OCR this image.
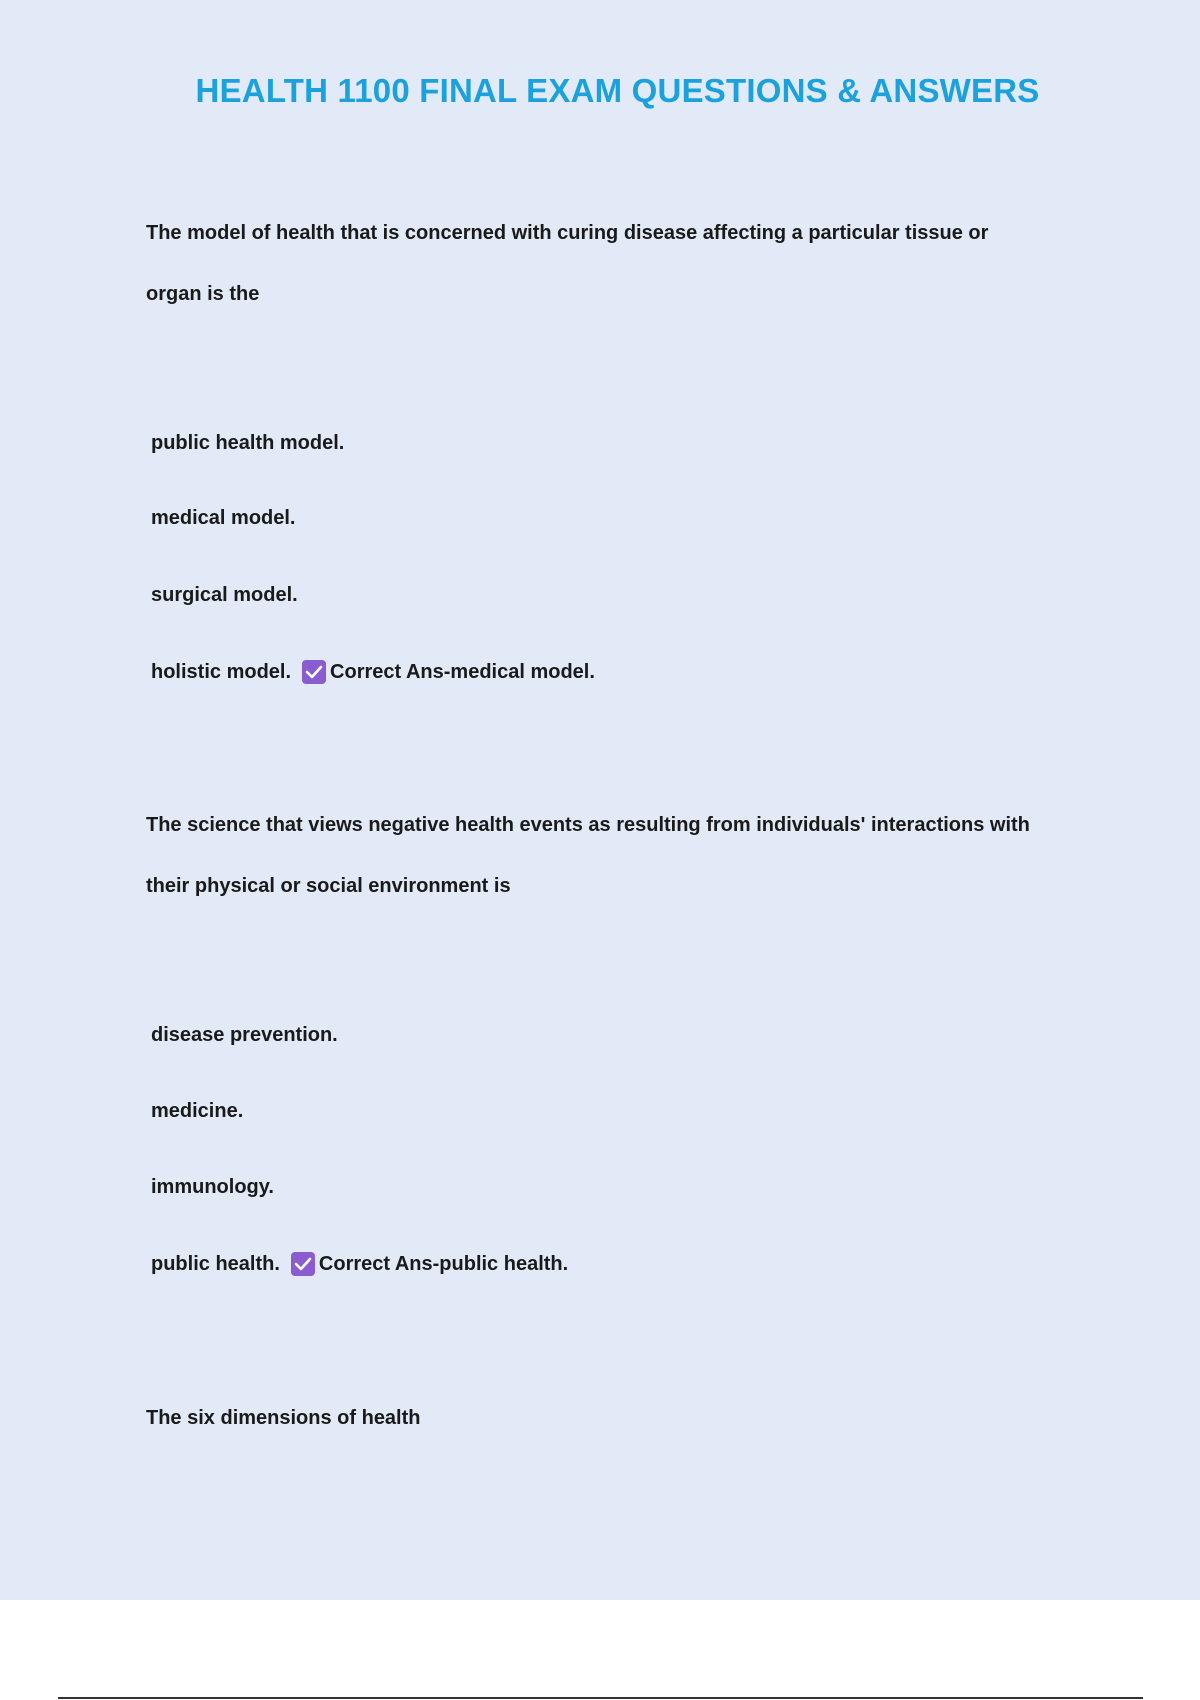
HEALTH 1100 FINAL EXAM QUESTIONS & ANSWERS
The model of health that is concerned with curing disease affecting a particular tissue or
organ is the
public health model.
medical model.
surgical model.
holistic model. Correct Ans-medical model.
The science that views negative health events as resulting from individuals' interactions with
their physical or social environment is
disease prevention.
medicine.
immunology.
public health. Correct Ans-public health.
The six dimensions of health
